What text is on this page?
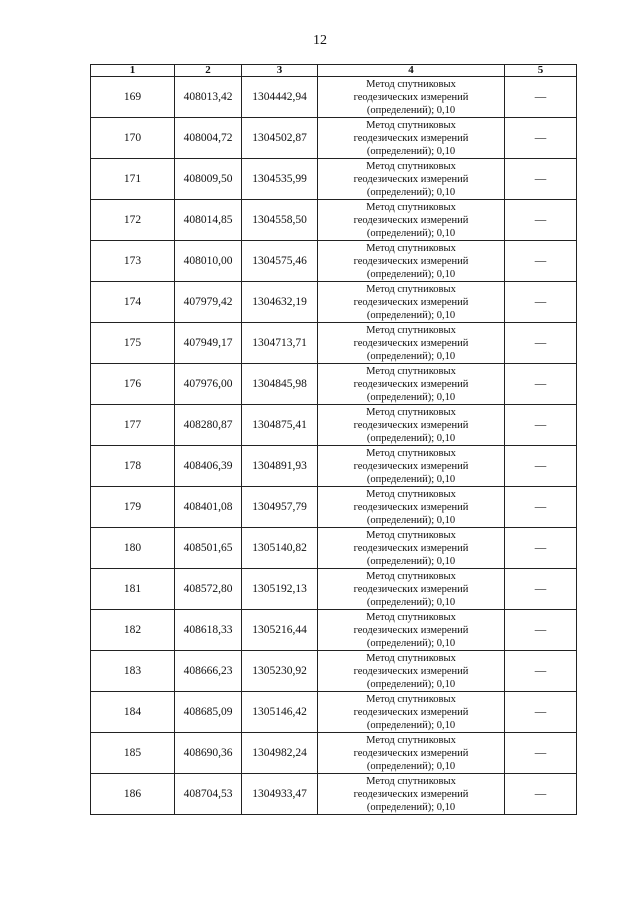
12
1	2	3	4	5
169	408013,42	1304442,94	Метод спутниковых
геодезических измерений
(определений); 0,10	—
170	408004,72	1304502,87	Метод спутниковых
геодезических измерений
(определений); 0,10	—
171	408009,50	1304535,99	Метод спутниковых
геодезических измерений
(определений); 0,10	—
172	408014,85	1304558,50	Метод спутниковых
геодезических измерений
(определений); 0,10	—
173	408010,00	1304575,46	Метод спутниковых
геодезических измерений
(определений); 0,10	—
174	407979,42	1304632,19	Метод спутниковых
геодезических измерений
(определений); 0,10	—
175	407949,17	1304713,71	Метод спутниковых
геодезических измерений
(определений); 0,10	—
176	407976,00	1304845,98	Метод спутниковых
геодезических измерений
(определений); 0,10	—
177	408280,87	1304875,41	Метод спутниковых
геодезических измерений
(определений); 0,10	—
178	408406,39	1304891,93	Метод спутниковых
геодезических измерений
(определений); 0,10	—
179	408401,08	1304957,79	Метод спутниковых
геодезических измерений
(определений); 0,10	—
180	408501,65	1305140,82	Метод спутниковых
геодезических измерений
(определений); 0,10	—
181	408572,80	1305192,13	Метод спутниковых
геодезических измерений
(определений); 0,10	—
182	408618,33	1305216,44	Метод спутниковых
геодезических измерений
(определений); 0,10	—
183	408666,23	1305230,92	Метод спутниковых
геодезических измерений
(определений); 0,10	—
184	408685,09	1305146,42	Метод спутниковых
геодезических измерений
(определений); 0,10	—
185	408690,36	1304982,24	Метод спутниковых
геодезических измерений
(определений); 0,10	—
186	408704,53	1304933,47	Метод спутниковых
геодезических измерений
(определений); 0,10	—
